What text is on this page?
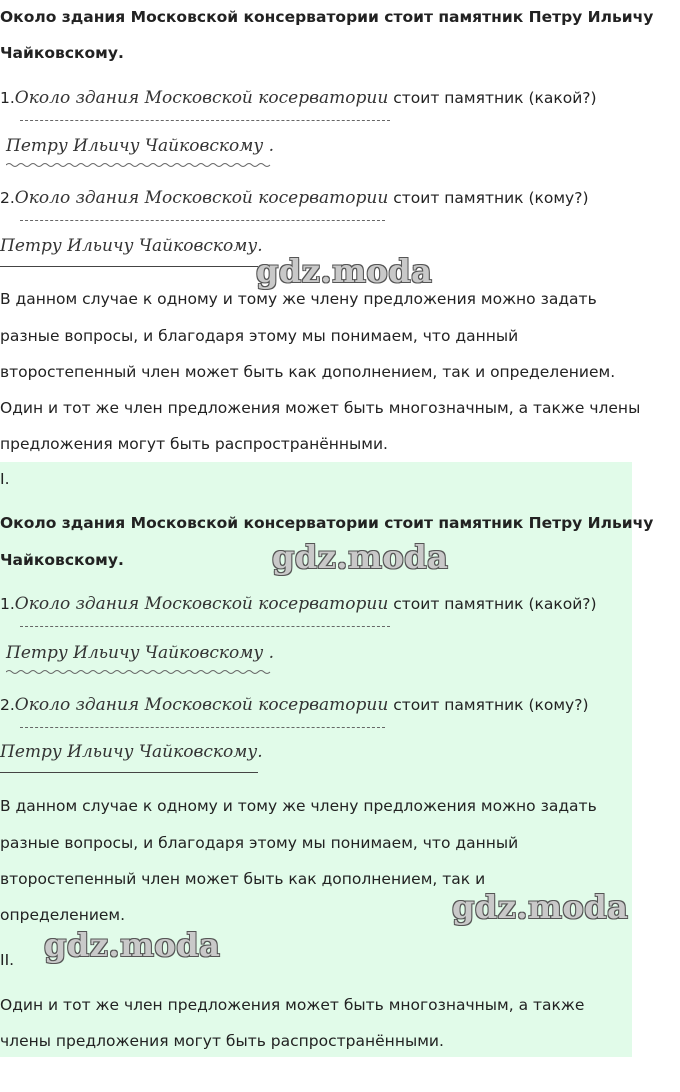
Около здания Московской консерватории стоит памятник Петру Ильичу
Чайковскому.
1.Около здания Московской косерватории стоит памятник (какой?)
Петру Ильичу Чайковскому .
2.Около здания Московской косерватории стоит памятник (кому?)
Петру Ильичу Чайковскому.
В данном случае к одному и тому же члену предложения можно задать
разные вопросы, и благодаря этому мы понимаем, что данный
второстепенный член может быть как дополнением, так и определением.
Один и тот же член предложения может быть многозначным, а также члены
предложения могут быть распространёнными.
I.
Около здания Московской консерватории стоит памятник Петру Ильичу
Чайковскому.
1.Около здания Московской косерватории стоит памятник (какой?)
Петру Ильичу Чайковскому .
2.Около здания Московской косерватории стоит памятник (кому?)
Петру Ильичу Чайковскому.
В данном случае к одному и тому же члену предложения можно задать
разные вопросы, и благодаря этому мы понимаем, что данный
второстепенный член может быть как дополнением, так и
определением.
II.
Один и тот же член предложения может быть многозначным, а также
члены предложения могут быть распространёнными.
gdz.moda
gdz.moda
gdz.moda
gdz.moda
